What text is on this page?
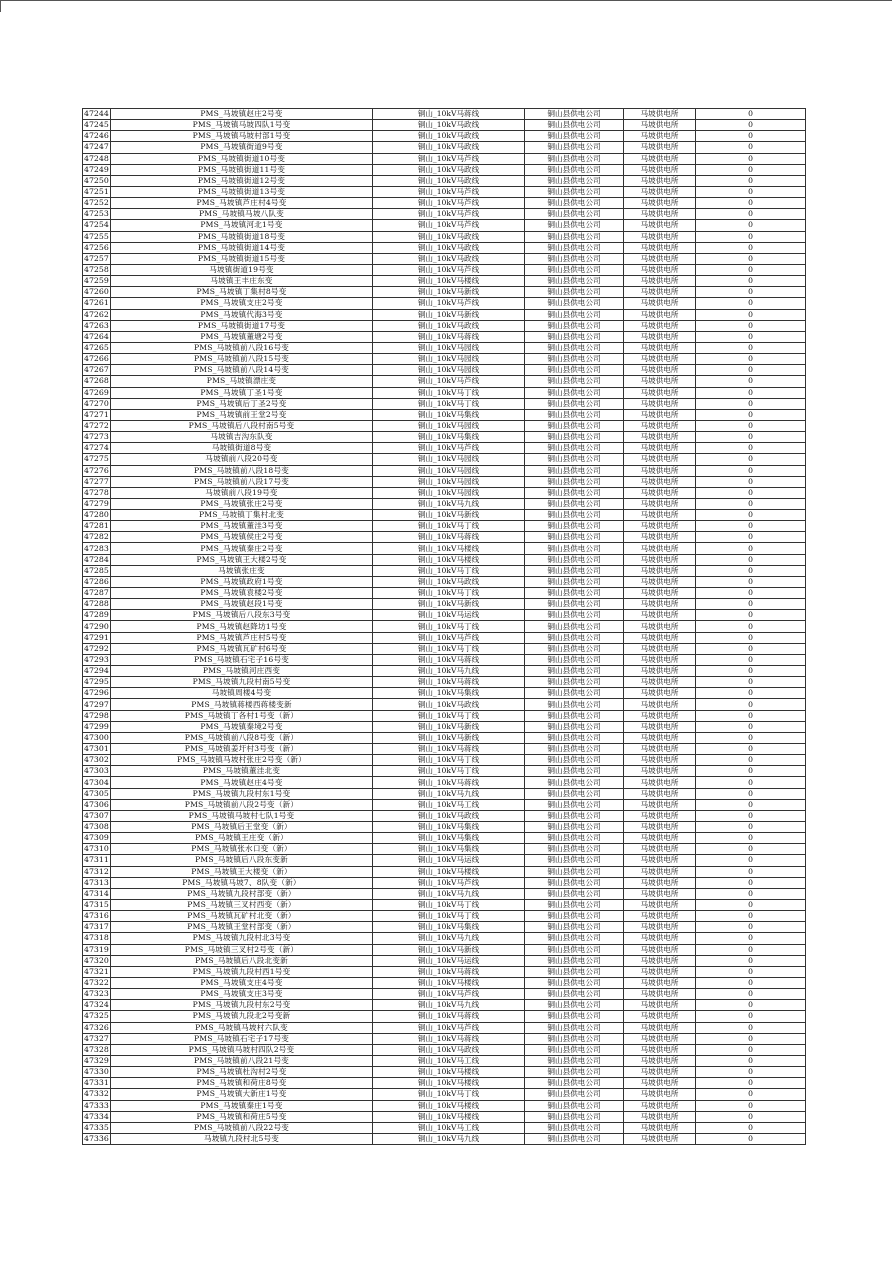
47244	PMS_马坡镇赵庄2号变	铜山_10kV马蒋线	铜山县供电公司	马坡供电所	0
47245	PMS_马坡镇马坡四队1号变	铜山_10kV马政线	铜山县供电公司	马坡供电所	0
47246	PMS_马坡镇马坡村部1号变	铜山_10kV马政线	铜山县供电公司	马坡供电所	0
47247	PMS_马坡镇街道9号变	铜山_10kV马政线	铜山县供电公司	马坡供电所	0
47248	PMS_马坡镇街道10号变	铜山_10kV马芦线	铜山县供电公司	马坡供电所	0
47249	PMS_马坡镇街道11号变	铜山_10kV马政线	铜山县供电公司	马坡供电所	0
47250	PMS_马坡镇街道12号变	铜山_10kV马政线	铜山县供电公司	马坡供电所	0
47251	PMS_马坡镇街道13号变	铜山_10kV马芦线	铜山县供电公司	马坡供电所	0
47252	PMS_马坡镇芦庄村4号变	铜山_10kV马芦线	铜山县供电公司	马坡供电所	0
47253	PMS_马坡镇马坡八队变	铜山_10kV马芦线	铜山县供电公司	马坡供电所	0
47254	PMS_马坡镇河北1号变	铜山_10kV马芦线	铜山县供电公司	马坡供电所	0
47255	PMS_马坡镇街道18号变	铜山_10kV马政线	铜山县供电公司	马坡供电所	0
47256	PMS_马坡镇街道14号变	铜山_10kV马政线	铜山县供电公司	马坡供电所	0
47257	PMS_马坡镇街道15号变	铜山_10kV马政线	铜山县供电公司	马坡供电所	0
47258	马坡镇街道19号变	铜山_10kV马芦线	铜山县供电公司	马坡供电所	0
47259	马坡镇王丰庄东变	铜山_10kV马楼线	铜山县供电公司	马坡供电所	0
47260	PMS_马坡镇丁集村8号变	铜山_10kV马新线	铜山县供电公司	马坡供电所	0
47261	PMS_马坡镇支庄2号变	铜山_10kV马芦线	铜山县供电公司	马坡供电所	0
47262	PMS_马坡镇代海3号变	铜山_10kV马新线	铜山县供电公司	马坡供电所	0
47263	PMS_马坡镇街道17号变	铜山_10kV马政线	铜山县供电公司	马坡供电所	0
47264	PMS_马坡镇董塘2号变	铜山_10kV马蒋线	铜山县供电公司	马坡供电所	0
47265	PMS_马坡镇前八段16号变	铜山_10kV马园线	铜山县供电公司	马坡供电所	0
47266	PMS_马坡镇前八段15号变	铜山_10kV马园线	铜山县供电公司	马坡供电所	0
47267	PMS_马坡镇前八段14号变	铜山_10kV马园线	铜山县供电公司	马坡供电所	0
47268	PMS_马坡镇漂庄变	铜山_10kV马芦线	铜山县供电公司	马坡供电所	0
47269	PMS_马坡镇丁圣1号变	铜山_10kV马丁线	铜山县供电公司	马坡供电所	0
47270	PMS_马坡镇后丁圣2号变	铜山_10kV马丁线	铜山县供电公司	马坡供电所	0
47271	PMS_马坡镇前王堂2号变	铜山_10kV马集线	铜山县供电公司	马坡供电所	0
47272	PMS_马坡镇后八段村南5号变	铜山_10kV马园线	铜山县供电公司	马坡供电所	0
47273	马坡镇吉沟东队变	铜山_10kV马集线	铜山县供电公司	马坡供电所	0
47274	马坡镇街道8号变	铜山_10kV马芦线	铜山县供电公司	马坡供电所	0
47275	马坡镇前八段20号变	铜山_10kV马园线	铜山县供电公司	马坡供电所	0
47276	PMS_马坡镇前八段18号变	铜山_10kV马园线	铜山县供电公司	马坡供电所	0
47277	PMS_马坡镇前八段17号变	铜山_10kV马园线	铜山县供电公司	马坡供电所	0
47278	马坡镇前八段19号变	铜山_10kV马园线	铜山县供电公司	马坡供电所	0
47279	PMS_马坡镇张庄2号变	铜山_10kV马九线	铜山县供电公司	马坡供电所	0
47280	PMS_马坡镇丁集村北变	铜山_10kV马新线	铜山县供电公司	马坡供电所	0
47281	PMS_马坡镇董洼3号变	铜山_10kV马丁线	铜山县供电公司	马坡供电所	0
47282	PMS_马坡镇侯庄2号变	铜山_10kV马蒋线	铜山县供电公司	马坡供电所	0
47283	PMS_马坡镇秦庄2号变	铜山_10kV马楼线	铜山县供电公司	马坡供电所	0
47284	PMS_马坡镇王大楼2号变	铜山_10kV马楼线	铜山县供电公司	马坡供电所	0
47285	马坡镇张庄变	铜山_10kV马丁线	铜山县供电公司	马坡供电所	0
47286	PMS_马坡镇政府1号变	铜山_10kV马政线	铜山县供电公司	马坡供电所	0
47287	PMS_马坡镇袁楼2号变	铜山_10kV马丁线	铜山县供电公司	马坡供电所	0
47288	PMS_马坡镇赵段1号变	铜山_10kV马新线	铜山县供电公司	马坡供电所	0
47289	PMS_马坡镇后八段东3号变	铜山_10kV马运线	铜山县供电公司	马坡供电所	0
47290	PMS_马坡镇赵降坊1号变	铜山_10kV马丁线	铜山县供电公司	马坡供电所	0
47291	PMS_马坡镇芦庄村5号变	铜山_10kV马芦线	铜山县供电公司	马坡供电所	0
47292	PMS_马坡镇瓦矿村6号变	铜山_10kV马丁线	铜山县供电公司	马坡供电所	0
47293	PMS_马坡镇石宅子16号变	铜山_10kV马蒋线	铜山县供电公司	马坡供电所	0
47294	PMS_马坡镇河庄西变	铜山_10kV马九线	铜山县供电公司	马坡供电所	0
47295	PMS_马坡镇九段村南5号变	铜山_10kV马蒋线	铜山县供电公司	马坡供电所	0
47296	马坡镇周楼4号变	铜山_10kV马集线	铜山县供电公司	马坡供电所	0
47297	PMS_马坡镇蒋楼西蒋楼变新	铜山_10kV马政线	铜山县供电公司	马坡供电所	0
47298	PMS_马坡镇丁各村1号变（新）	铜山_10kV马丁线	铜山县供电公司	马坡供电所	0
47299	PMS_马坡镇秦境2号变	铜山_10kV马新线	铜山县供电公司	马坡供电所	0
47300	PMS_马坡镇前八段8号变（新）	铜山_10kV马新线	铜山县供电公司	马坡供电所	0
47301	PMS_马坡镇姜圩村3号变（新）	铜山_10kV马蒋线	铜山县供电公司	马坡供电所	0
47302	PMS_马坡镇马坡村张庄2号变（新）	铜山_10kV马丁线	铜山县供电公司	马坡供电所	0
47303	PMS_马坡镇董洼北变	铜山_10kV马丁线	铜山县供电公司	马坡供电所	0
47304	PMS_马坡镇赵庄4号变	铜山_10kV马蒋线	铜山县供电公司	马坡供电所	0
47305	PMS_马坡镇九段村东1号变	铜山_10kV马九线	铜山县供电公司	马坡供电所	0
47306	PMS_马坡镇前八段2号变（新）	铜山_10kV马工线	铜山县供电公司	马坡供电所	0
47307	PMS_马坡镇马坡村七队1号变	铜山_10kV马政线	铜山县供电公司	马坡供电所	0
47308	PMS_马坡镇后王堂变（新）	铜山_10kV马集线	铜山县供电公司	马坡供电所	0
47309	PMS_马坡镇王庄变（新）	铜山_10kV马集线	铜山县供电公司	马坡供电所	0
47310	PMS_马坡镇张水口变（新）	铜山_10kV马集线	铜山县供电公司	马坡供电所	0
47311	PMS_马坡镇后八段东变新	铜山_10kV马运线	铜山县供电公司	马坡供电所	0
47312	PMS_马坡镇王大楼变（新）	铜山_10kV马楼线	铜山县供电公司	马坡供电所	0
47313	PMS_马坡镇马坡7、8队变（新）	铜山_10kV马芦线	铜山县供电公司	马坡供电所	0
47314	PMS_马坡镇九段村部变（新）	铜山_10kV马九线	铜山县供电公司	马坡供电所	0
47315	PMS_马坡镇三叉村西变（新）	铜山_10kV马丁线	铜山县供电公司	马坡供电所	0
47316	PMS_马坡镇瓦矿村北变（新）	铜山_10kV马丁线	铜山县供电公司	马坡供电所	0
47317	PMS_马坡镇王堂村部变（新）	铜山_10kV马集线	铜山县供电公司	马坡供电所	0
47318	PMS_马坡镇九段村北3号变	铜山_10kV马九线	铜山县供电公司	马坡供电所	0
47319	PMS_马坡镇三叉村2号变（新）	铜山_10kV马新线	铜山县供电公司	马坡供电所	0
47320	PMS_马坡镇后八段北变新	铜山_10kV马运线	铜山县供电公司	马坡供电所	0
47321	PMS_马坡镇九段村西1号变	铜山_10kV马蒋线	铜山县供电公司	马坡供电所	0
47322	PMS_马坡镇支庄4号变	铜山_10kV马楼线	铜山县供电公司	马坡供电所	0
47323	PMS_马坡镇支庄3号变	铜山_10kV马芦线	铜山县供电公司	马坡供电所	0
47324	PMS_马坡镇九段村东2号变	铜山_10kV马九线	铜山县供电公司	马坡供电所	0
47325	PMS_马坡镇九段北2号变新	铜山_10kV马蒋线	铜山县供电公司	马坡供电所	0
47326	PMS_马坡镇马坡村六队变	铜山_10kV马芦线	铜山县供电公司	马坡供电所	0
47327	PMS_马坡镇石宅子17号变	铜山_10kV马蒋线	铜山县供电公司	马坡供电所	0
47328	PMS_马坡镇马坡村四队2号变	铜山_10kV马政线	铜山县供电公司	马坡供电所	0
47329	PMS_马坡镇前八段21号变	铜山_10kV马工线	铜山县供电公司	马坡供电所	0
47330	PMS_马坡镇杜沟村2号变	铜山_10kV马楼线	铜山县供电公司	马坡供电所	0
47331	PMS_马坡镇和荷庄8号变	铜山_10kV马楼线	铜山县供电公司	马坡供电所	0
47332	PMS_马坡镇大新庄1号变	铜山_10kV马丁线	铜山县供电公司	马坡供电所	0
47333	PMS_马坡镇秦庄1号变	铜山_10kV马楼线	铜山县供电公司	马坡供电所	0
47334	PMS_马坡镇和荷庄5号变	铜山_10kV马楼线	铜山县供电公司	马坡供电所	0
47335	PMS_马坡镇前八段22号变	铜山_10kV马工线	铜山县供电公司	马坡供电所	0
47336	马坡镇九段村北5号变	铜山_10kV马九线	铜山县供电公司	马坡供电所	0
